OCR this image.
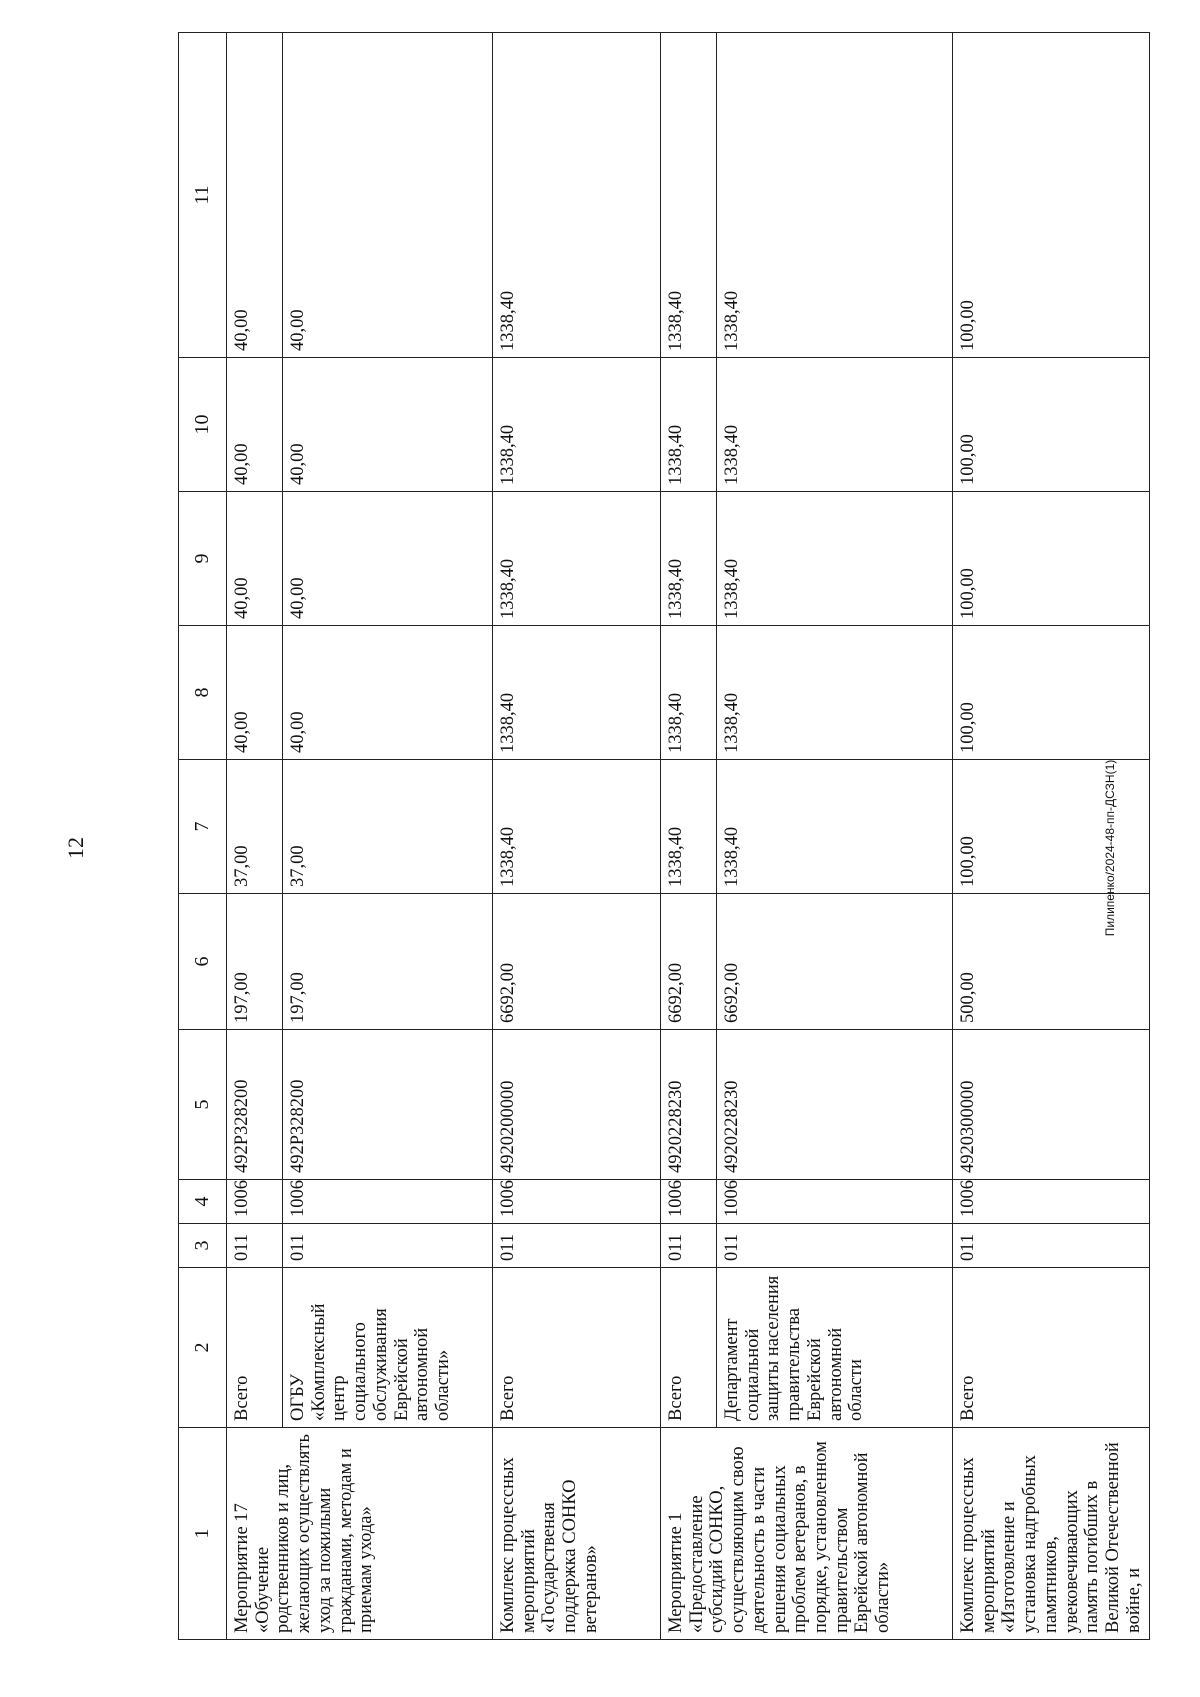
12	Пилипенко/2024-48-пп-ДСЗН(1)
1	2	3	4	5	6	7	8	9	10	11
Мероприятие 17 «Обучение родственников и лиц, желающих осуществлять уход за пожилыми гражданами, методам и приемам ухода»	Всего	011	1006	492Р328200	197,00	37,00	40,00	40,00	40,00	40,00
	ОГБУ «Комплексный центр социального обслуживания Еврейской автономной области»	011	1006	492Р328200	197,00	37,00	40,00	40,00	40,00	40,00
Комплекс процессных мероприятий «Государственая поддержка СОНКО ветеранов»	Всего	011	1006	4920200000	6692,00	1338,40	1338,40	1338,40	1338,40	1338,40
Мероприятие 1 «Предоставление субсидий СОНКО, осуществляющим свою деятельность в части решения социальных проблем ветеранов, в порядке, установленном правительством Еврейской автономной области»	Всего	011	1006	4920228230	6692,00	1338,40	1338,40	1338,40	1338,40	1338,40
	Департамент социальной защиты населения правительства Еврейской автономной области	011	1006	4920228230	6692,00	1338,40	1338,40	1338,40	1338,40	1338,40
Комплекс процессных мероприятий «Изготовление и установка надгробных памятников, увековечивающих память погибших в Великой Отечественной войне, и	Всего	011	1006	4920300000	500,00	100,00	100,00	100,00	100,00	100,00
